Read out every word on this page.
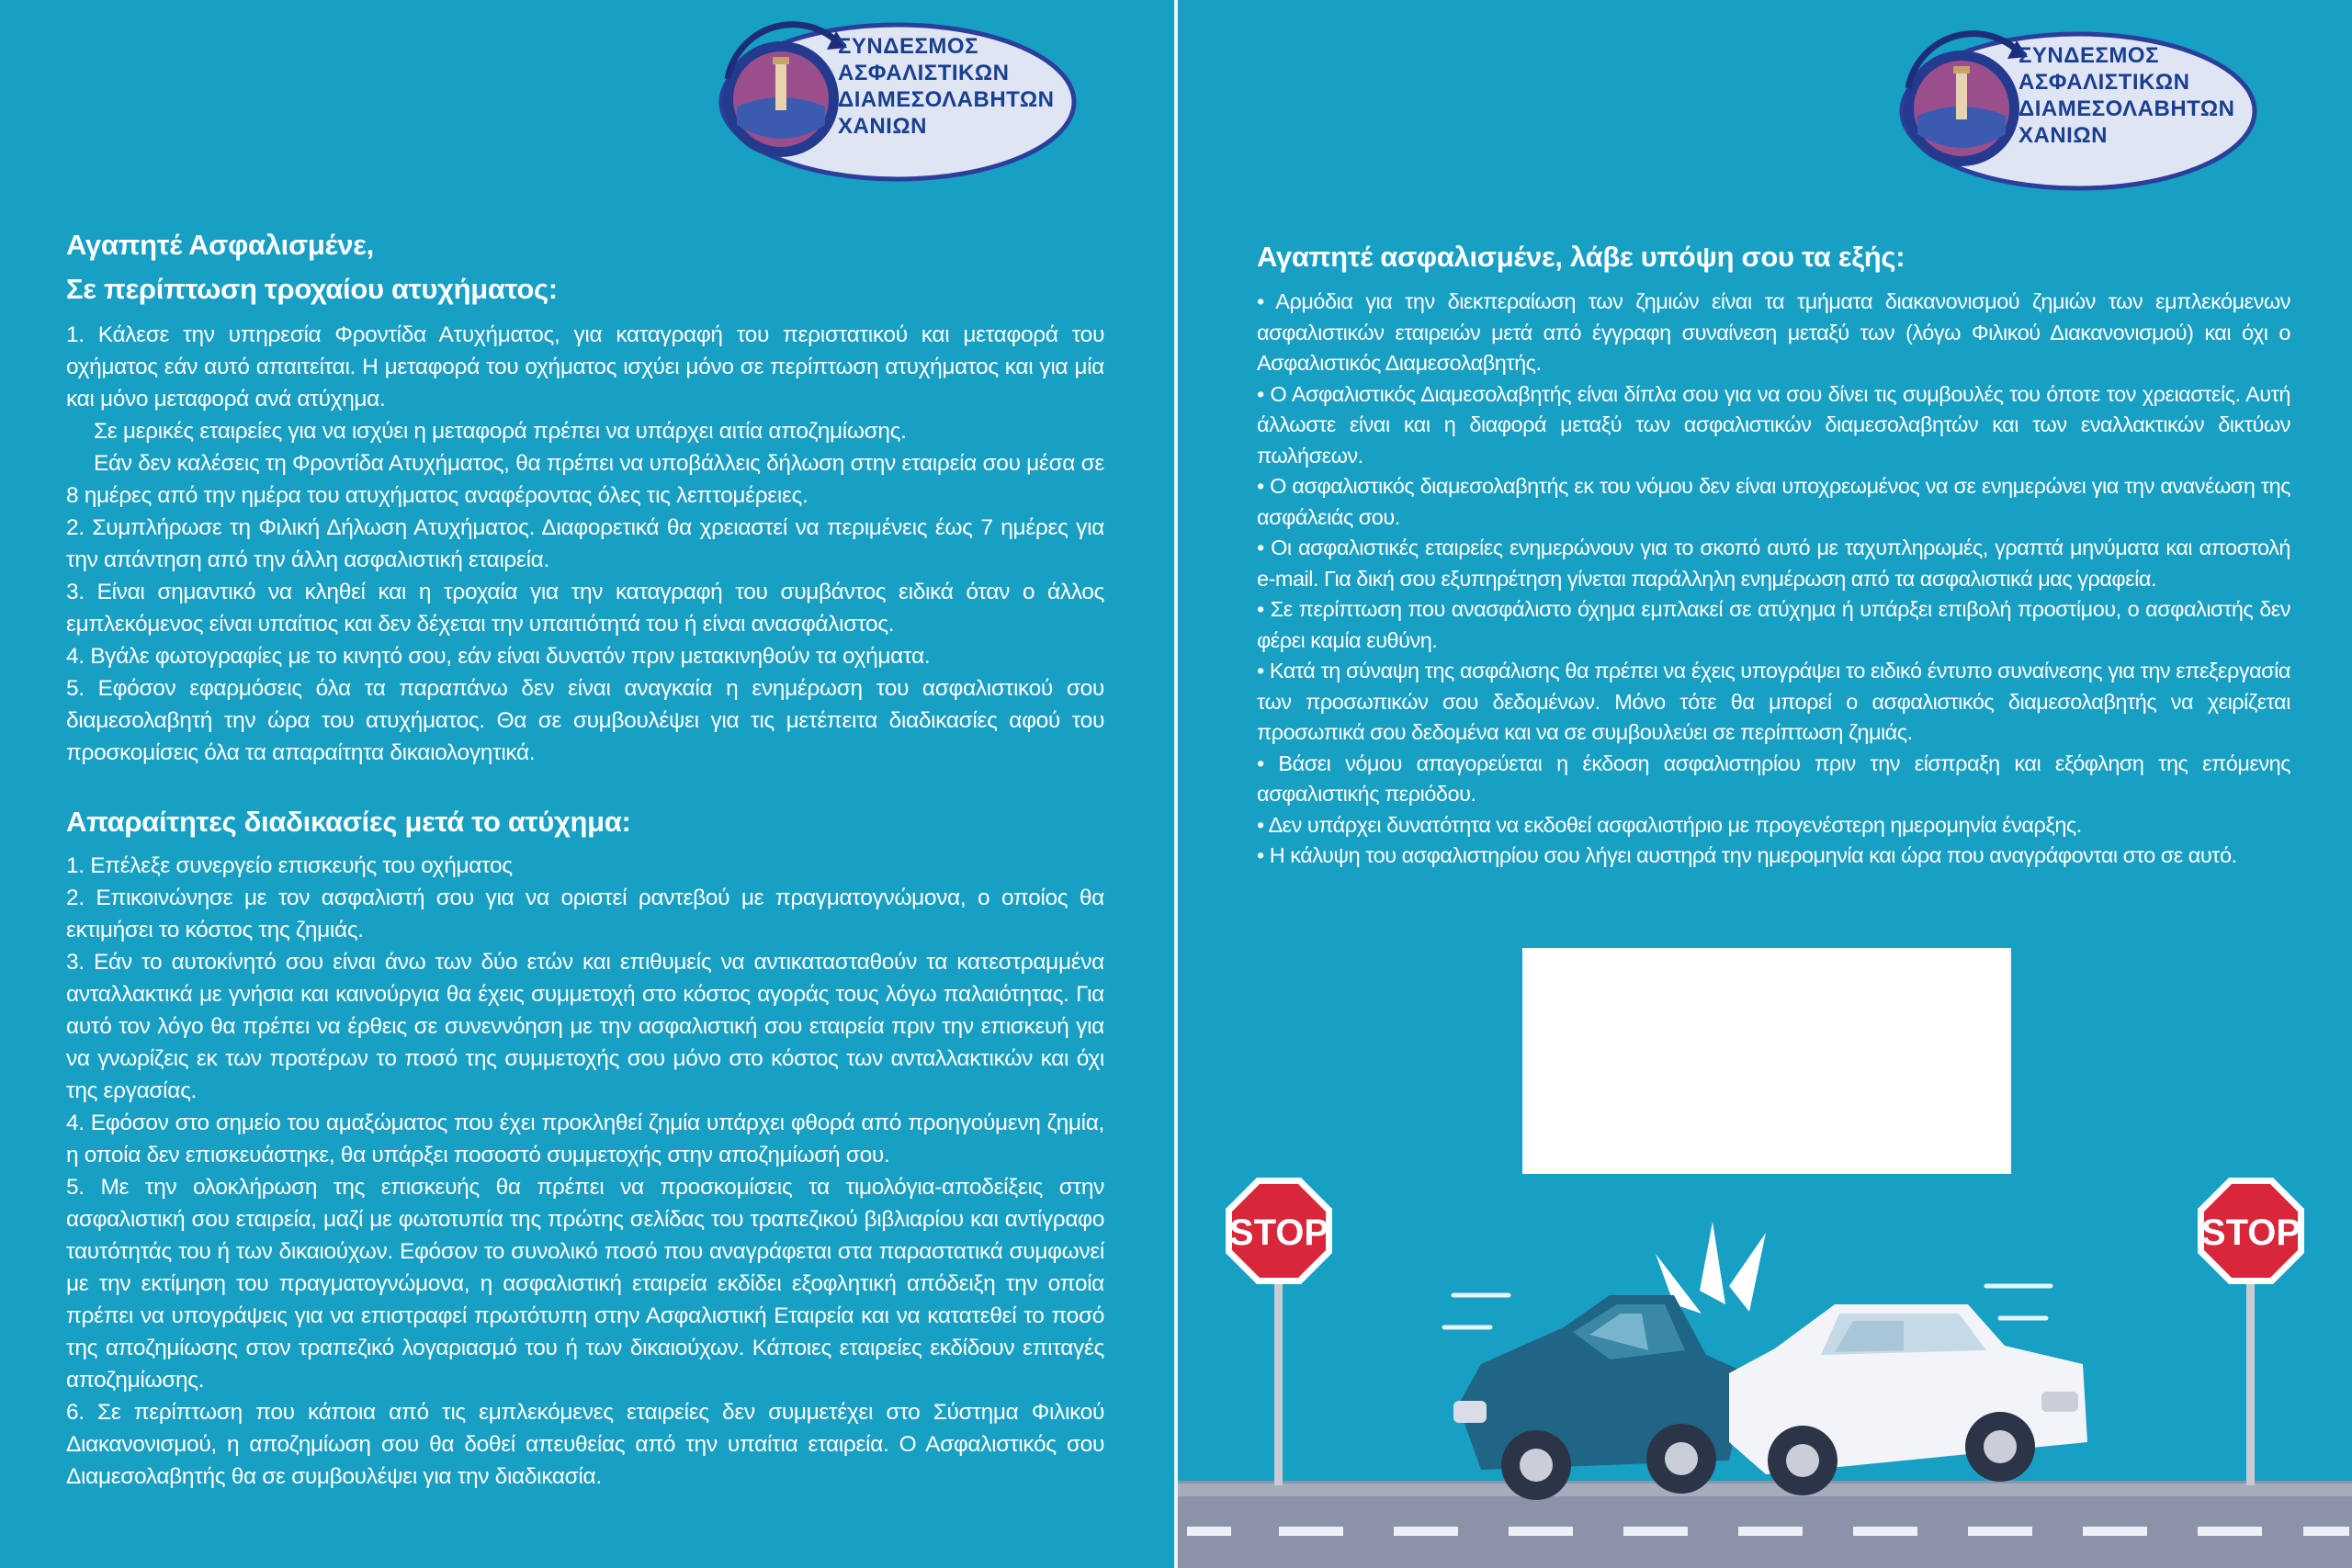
ΣΥΝΔΕΣΜΟΣ
ΑΣΦΑΛΙΣΤΙΚΩΝ
ΔΙΑΜΕΣΟΛΑΒΗΤΩΝ
ΧΑΝΙΩΝ
Αγαπητέ Ασφαλισμένε,
Σε περίπτωση τροχαίου ατυχήματος:

1. Κάλεσε την υπηρεσία Φροντίδα Ατυχήματος, για καταγραφή του περιστατικού και μεταφορά του οχήματος εάν αυτό απαιτείται. Η μεταφορά του οχήματος ισχύει μόνο σε περίπτωση ατυχήματος και για μία και μόνο μεταφορά ανά ατύχημα.

Σε μερικές εταιρείες για να ισχύει η μεταφορά πρέπει να υπάρχει αιτία αποζημίωσης.

Εάν δεν καλέσεις τη Φροντίδα Ατυχήματος, θα πρέπει να υποβάλλεις δήλωση στην εταιρεία σου μέσα σε 8 ημέρες από την ημέρα του ατυχήματος αναφέροντας όλες τις λεπτομέρειες.

2. Συμπλήρωσε τη Φιλική Δήλωση Ατυχήματος. Διαφορετικά θα χρειαστεί να περιμένεις έως 7 ημέρες για την απάντηση από την άλλη ασφαλιστική εταιρεία.

3. Είναι σημαντικό να κληθεί και η τροχαία για την καταγραφή του συμβάντος ειδικά όταν ο άλλος εμπλεκόμενος είναι υπαίτιος και δεν δέχεται την υπαιτιότητά του ή είναι ανασφάλιστος.

4. Βγάλε φωτογραφίες με το κινητό σου, εάν είναι δυνατόν πριν μετακινηθούν τα οχήματα.

5. Εφόσον εφαρμόσεις όλα τα παραπάνω δεν είναι αναγκαία η ενημέρωση του ασφαλιστικού σου διαμεσολαβητή την ώρα του ατυχήματος. Θα σε συμβουλέψει για τις μετέπειτα διαδικασίες αφού του προσκομίσεις όλα τα απαραίτητα δικαιολογητικά.

Απαραίτητες διαδικασίες μετά το ατύχημα:

1. Επέλεξε συνεργείο επισκευής του οχήματος

2. Επικοινώνησε με τον ασφαλιστή σου για να οριστεί ραντεβού με πραγματογνώμονα, ο οποίος θα εκτιμήσει το κόστος της ζημιάς.

3. Εάν το αυτοκίνητό σου είναι άνω των δύο ετών και επιθυμείς να αντικατασταθούν τα κατεστραμμένα ανταλλακτικά με γνήσια και καινούργια θα έχεις συμμετοχή στο κόστος αγοράς τους λόγω παλαιότητας. Για αυτό τον λόγο θα πρέπει να έρθεις σε συνεννόηση με την ασφαλιστική σου εταιρεία πριν την επισκευή για να γνωρίζεις εκ των προτέρων το ποσό της συμμετοχής σου μόνο στο κόστος των ανταλλακτικών και όχι της εργασίας.

4. Εφόσον στο σημείο του αμαξώματος που έχει προκληθεί ζημία υπάρχει φθορά από προηγούμενη ζημία, η οποία δεν επισκευάστηκε, θα υπάρξει ποσοστό συμμετοχής στην αποζημίωσή σου.

5. Με την ολοκλήρωση της επισκευής θα πρέπει να προσκομίσεις τα τιμολόγια-αποδείξεις στην ασφαλιστική σου εταιρεία, μαζί με φωτοτυπία της πρώτης σελίδας του τραπεζικού βιβλιαρίου και αντίγραφο ταυτότητάς του ή των δικαιούχων. Εφόσον το συνολικό ποσό που αναγράφεται στα παραστατικά συμφωνεί με την εκτίμηση του πραγματογνώμονα, η ασφαλιστική εταιρεία εκδίδει εξοφλητική απόδειξη την οποία πρέπει να υπογράψεις για να επιστραφεί πρωτότυπη στην Ασφαλιστική Εταιρεία και να κατατεθεί το ποσό της αποζημίωσης στον τραπεζικό λογαριασμό του ή των δικαιούχων. Κάποιες εταιρείες εκδίδουν επιταγές αποζημίωσης.

6. Σε περίπτωση που κάποια από τις εμπλεκόμενες εταιρείες δεν συμμετέχει στο Σύστημα Φιλικού Διακανονισμού, η αποζημίωση σου θα δοθεί απευθείας από την υπαίτια εταιρεία. Ο Ασφαλιστικός σου Διαμεσολαβητής θα σε συμβουλέψει για την διαδικασία.

ΣΥΝΔΕΣΜΟΣ
ΑΣΦΑΛΙΣΤΙΚΩΝ
ΔΙΑΜΕΣΟΛΑΒΗΤΩΝ
ΧΑΝΙΩΝ
Αγαπητέ ασφαλισμένε, λάβε υπόψη σου τα εξής:

• Αρμόδια για την διεκπεραίωση των ζημιών είναι τα τμήματα διακανονισμού ζημιών των εμπλεκόμενων ασφαλιστικών εταιρειών μετά από έγγραφη συναίνεση μεταξύ των (λόγω Φιλικού Διακανονισμού) και όχι ο Ασφαλιστικός Διαμεσολαβητής.

• Ο Ασφαλιστικός Διαμεσολαβητής είναι δίπλα σου για να σου δίνει τις συμβουλές του όποτε τον χρειαστείς. Αυτή άλλωστε είναι και η διαφορά μεταξύ των ασφαλιστικών διαμεσολαβητών και των εναλλακτικών δικτύων πωλήσεων.

• Ο ασφαλιστικός διαμεσολαβητής εκ του νόμου δεν είναι υποχρεωμένος να σε ενημερώνει για την ανανέωση της ασφάλειάς σου.

• Οι ασφαλιστικές εταιρείες ενημερώνουν για το σκοπό αυτό με ταχυπληρωμές, γραπτά μηνύματα και αποστολή e-mail. Για δική σου εξυπηρέτηση γίνεται παράλληλη ενημέρωση από τα ασφαλιστικά μας γραφεία.

• Σε περίπτωση που ανασφάλιστο όχημα εμπλακεί σε ατύχημα ή υπάρξει επιβολή προστίμου, ο ασφαλιστής δεν φέρει καμία ευθύνη.

• Κατά τη σύναψη της ασφάλισης θα πρέπει να έχεις υπογράψει το ειδικό έντυπο συναίνεσης για την επεξεργασία των προσωπικών σου δεδομένων. Μόνο τότε θα μπορεί ο ασφαλιστικός διαμεσολαβητής να χειρίζεται προσωπικά σου δεδομένα και να σε συμβουλεύει σε περίπτωση ζημιάς.

• Βάσει νόμου απαγορεύεται η έκδοση ασφαλιστηρίου πριν την είσπραξη και εξόφληση της επόμενης ασφαλιστικής περιόδου.

• Δεν υπάρχει δυνατότητα να εκδοθεί ασφαλιστήριο με προγενέστερη ημερομηνία έναρξης.

• Η κάλυψη του ασφαλιστηρίου σου λήγει αυστηρά την ημερομηνία και ώρα που αναγράφονται στο σε αυτό.

STOP	STOP
